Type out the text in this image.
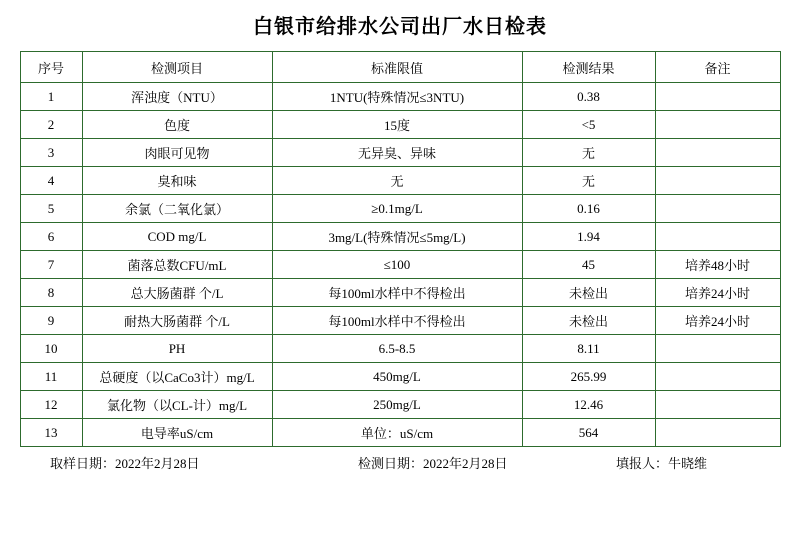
白银市给排水公司出厂水日检表
序号	检测项目	标准限值	检测结果	备注
1	浑浊度（NTU）	1NTU(特殊情况≤3NTU)	0.38	
2	色度	15度	<5	
3	肉眼可见物	无异臭、异味	无	
4	臭和味	无	无	
5	余氯（二氧化氯）	≥0.1mg/L	0.16	
6	COD mg/L	3mg/L(特殊情况≤5mg/L)	1.94	
7	菌落总数CFU/mL	≤100	45	培养48小时
8	总大肠菌群 个/L	每100ml水样中不得检出	未检出	培养24小时
9	耐热大肠菌群 个/L	每100ml水样中不得检出	未检出	培养24小时
10	PH	6.5-8.5	8.11	
11	总硬度（以CaCo3计）mg/L	450mg/L	265.99	
12	氯化物（以CL-计）mg/L	250mg/L	12.46	
13	电导率uS/cm	单位：uS/cm	564	
取样日期：2022年2月28日	检测日期：2022年2月28日	填报人：牛晓维
